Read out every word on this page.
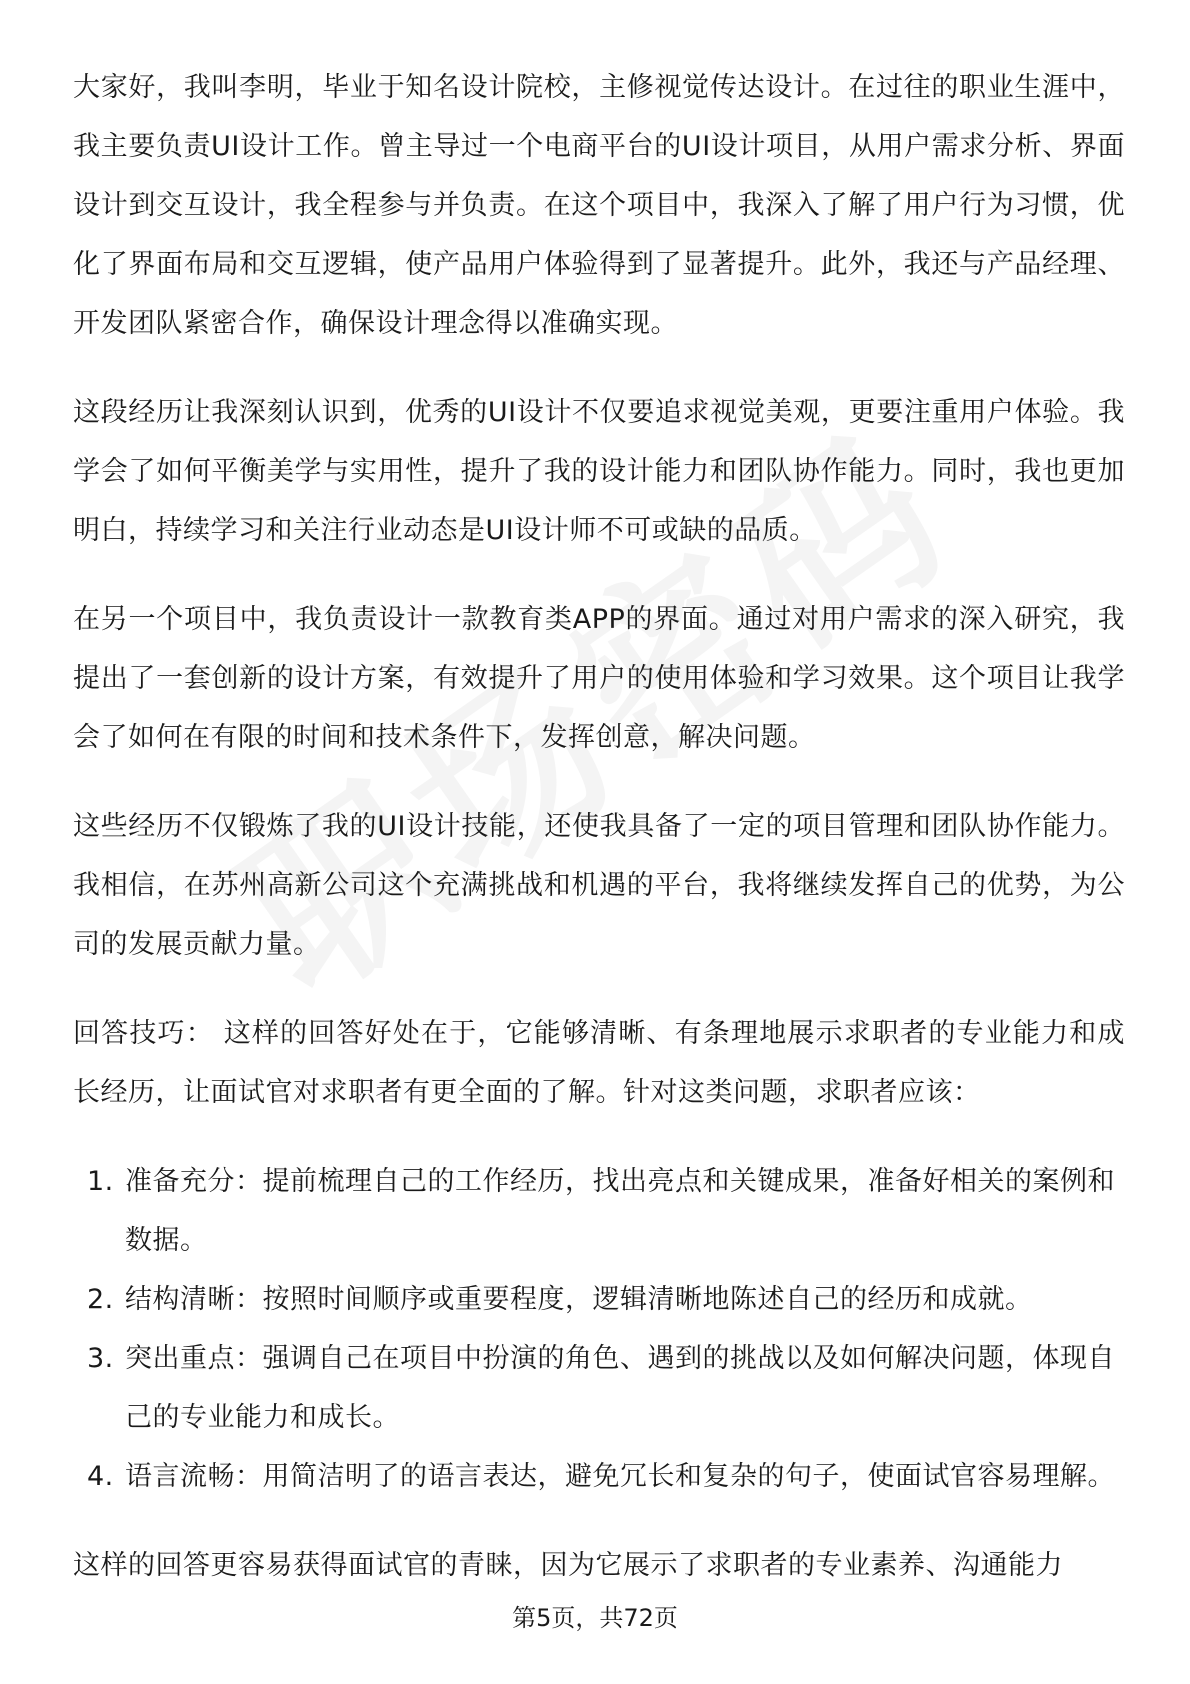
大家好，我叫李明，毕业于知名设计院校，主修视觉传达设计。在过往的职业生涯中，我主要负责UI设计工作。曾主导过一个电商平台的UI设计项目，从用户需求分析、界面设计到交互设计，我全程参与并负责。在这个项目中，我深入了解了用户行为习惯，优化了界面布局和交互逻辑，使产品用户体验得到了显著提升。此外，我还与产品经理、开发团队紧密合作，确保设计理念得以准确实现。

这段经历让我深刻认识到，优秀的UI设计不仅要追求视觉美观，更要注重用户体验。我学会了如何平衡美学与实用性，提升了我的设计能力和团队协作能力。同时，我也更加明白，持续学习和关注行业动态是UI设计师不可或缺的品质。

在另一个项目中，我负责设计一款教育类APP的界面。通过对用户需求的深入研究，我提出了一套创新的设计方案，有效提升了用户的使用体验和学习效果。这个项目让我学会了如何在有限的时间和技术条件下，发挥创意，解决问题。

这些经历不仅锻炼了我的UI设计技能，还使我具备了一定的项目管理和团队协作能力。我相信，在苏州高新公司这个充满挑战和机遇的平台，我将继续发挥自己的优势，为公司的发展贡献力量。

回答技巧： 这样的回答好处在于，它能够清晰、有条理地展示求职者的专业能力和成长经历，让面试官对求职者有更全面的了解。针对这类问题，求职者应该：

1. 准备充分：提前梳理自己的工作经历，找出亮点和关键成果，准备好相关的案例和数据。
2. 结构清晰：按照时间顺序或重要程度，逻辑清晰地陈述自己的经历和成就。
3. 突出重点：强调自己在项目中扮演的角色、遇到的挑战以及如何解决问题，体现自己的专业能力和成长。
4. 语言流畅：用简洁明了的语言表达，避免冗长和复杂的句子，使面试官容易理解。

这样的回答更容易获得面试官的青睐，因为它展示了求职者的专业素养、沟通能力

第5页，共72页
